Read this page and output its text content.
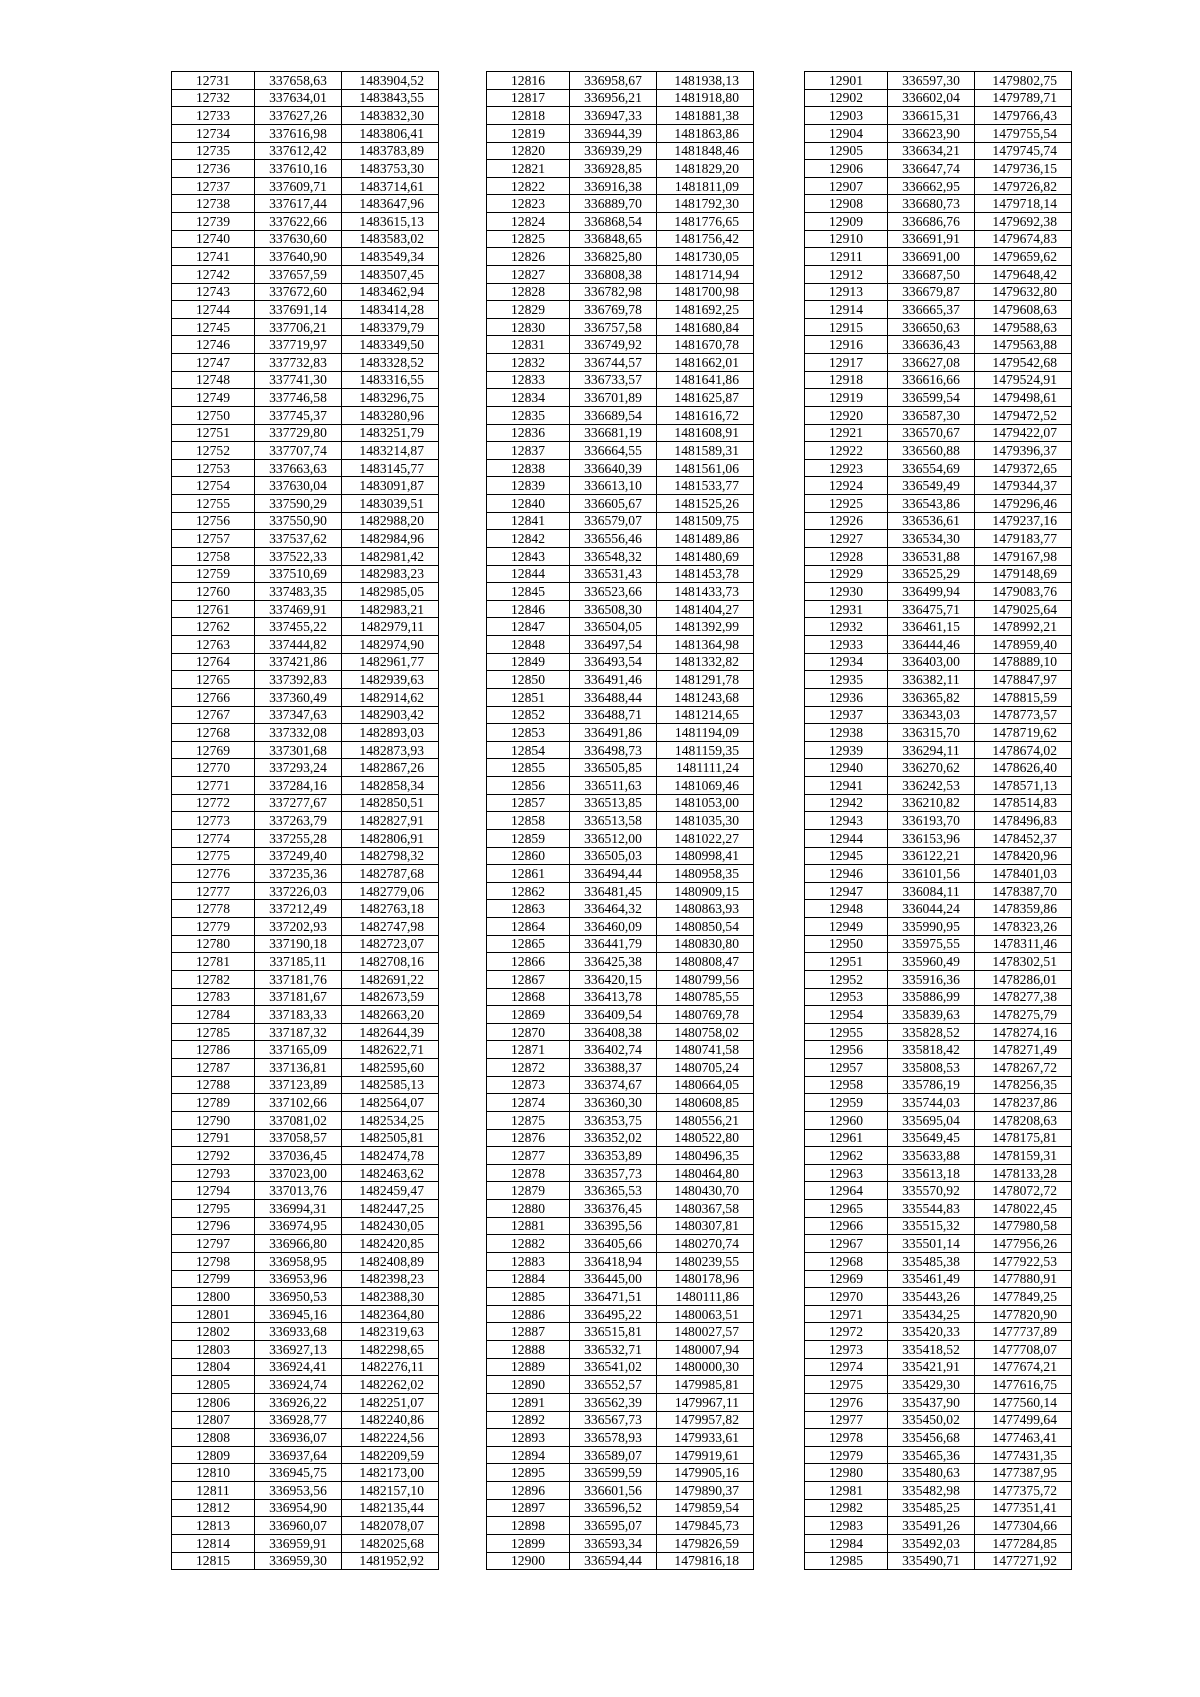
12731	337658,63	1483904,52
12732	337634,01	1483843,55
12733	337627,26	1483832,30
12734	337616,98	1483806,41
12735	337612,42	1483783,89
12736	337610,16	1483753,30
12737	337609,71	1483714,61
12738	337617,44	1483647,96
12739	337622,66	1483615,13
12740	337630,60	1483583,02
12741	337640,90	1483549,34
12742	337657,59	1483507,45
12743	337672,60	1483462,94
12744	337691,14	1483414,28
12745	337706,21	1483379,79
12746	337719,97	1483349,50
12747	337732,83	1483328,52
12748	337741,30	1483316,55
12749	337746,58	1483296,75
12750	337745,37	1483280,96
12751	337729,80	1483251,79
12752	337707,74	1483214,87
12753	337663,63	1483145,77
12754	337630,04	1483091,87
12755	337590,29	1483039,51
12756	337550,90	1482988,20
12757	337537,62	1482984,96
12758	337522,33	1482981,42
12759	337510,69	1482983,23
12760	337483,35	1482985,05
12761	337469,91	1482983,21
12762	337455,22	1482979,11
12763	337444,82	1482974,90
12764	337421,86	1482961,77
12765	337392,83	1482939,63
12766	337360,49	1482914,62
12767	337347,63	1482903,42
12768	337332,08	1482893,03
12769	337301,68	1482873,93
12770	337293,24	1482867,26
12771	337284,16	1482858,34
12772	337277,67	1482850,51
12773	337263,79	1482827,91
12774	337255,28	1482806,91
12775	337249,40	1482798,32
12776	337235,36	1482787,68
12777	337226,03	1482779,06
12778	337212,49	1482763,18
12779	337202,93	1482747,98
12780	337190,18	1482723,07
12781	337185,11	1482708,16
12782	337181,76	1482691,22
12783	337181,67	1482673,59
12784	337183,33	1482663,20
12785	337187,32	1482644,39
12786	337165,09	1482622,71
12787	337136,81	1482595,60
12788	337123,89	1482585,13
12789	337102,66	1482564,07
12790	337081,02	1482534,25
12791	337058,57	1482505,81
12792	337036,45	1482474,78
12793	337023,00	1482463,62
12794	337013,76	1482459,47
12795	336994,31	1482447,25
12796	336974,95	1482430,05
12797	336966,80	1482420,85
12798	336958,95	1482408,89
12799	336953,96	1482398,23
12800	336950,53	1482388,30
12801	336945,16	1482364,80
12802	336933,68	1482319,63
12803	336927,13	1482298,65
12804	336924,41	1482276,11
12805	336924,74	1482262,02
12806	336926,22	1482251,07
12807	336928,77	1482240,86
12808	336936,07	1482224,56
12809	336937,64	1482209,59
12810	336945,75	1482173,00
12811	336953,56	1482157,10
12812	336954,90	1482135,44
12813	336960,07	1482078,07
12814	336959,91	1482025,68
12815	336959,30	1481952,92
12816	336958,67	1481938,13
12817	336956,21	1481918,80
12818	336947,33	1481881,38
12819	336944,39	1481863,86
12820	336939,29	1481848,46
12821	336928,85	1481829,20
12822	336916,38	1481811,09
12823	336889,70	1481792,30
12824	336868,54	1481776,65
12825	336848,65	1481756,42
12826	336825,80	1481730,05
12827	336808,38	1481714,94
12828	336782,98	1481700,98
12829	336769,78	1481692,25
12830	336757,58	1481680,84
12831	336749,92	1481670,78
12832	336744,57	1481662,01
12833	336733,57	1481641,86
12834	336701,89	1481625,87
12835	336689,54	1481616,72
12836	336681,19	1481608,91
12837	336664,55	1481589,31
12838	336640,39	1481561,06
12839	336613,10	1481533,77
12840	336605,67	1481525,26
12841	336579,07	1481509,75
12842	336556,46	1481489,86
12843	336548,32	1481480,69
12844	336531,43	1481453,78
12845	336523,66	1481433,73
12846	336508,30	1481404,27
12847	336504,05	1481392,99
12848	336497,54	1481364,98
12849	336493,54	1481332,82
12850	336491,46	1481291,78
12851	336488,44	1481243,68
12852	336488,71	1481214,65
12853	336491,86	1481194,09
12854	336498,73	1481159,35
12855	336505,85	1481111,24
12856	336511,63	1481069,46
12857	336513,85	1481053,00
12858	336513,58	1481035,30
12859	336512,00	1481022,27
12860	336505,03	1480998,41
12861	336494,44	1480958,35
12862	336481,45	1480909,15
12863	336464,32	1480863,93
12864	336460,09	1480850,54
12865	336441,79	1480830,80
12866	336425,38	1480808,47
12867	336420,15	1480799,56
12868	336413,78	1480785,55
12869	336409,54	1480769,78
12870	336408,38	1480758,02
12871	336402,74	1480741,58
12872	336388,37	1480705,24
12873	336374,67	1480664,05
12874	336360,30	1480608,85
12875	336353,75	1480556,21
12876	336352,02	1480522,80
12877	336353,89	1480496,35
12878	336357,73	1480464,80
12879	336365,53	1480430,70
12880	336376,45	1480367,58
12881	336395,56	1480307,81
12882	336405,66	1480270,74
12883	336418,94	1480239,55
12884	336445,00	1480178,96
12885	336471,51	1480111,86
12886	336495,22	1480063,51
12887	336515,81	1480027,57
12888	336532,71	1480007,94
12889	336541,02	1480000,30
12890	336552,57	1479985,81
12891	336562,39	1479967,11
12892	336567,73	1479957,82
12893	336578,93	1479933,61
12894	336589,07	1479919,61
12895	336599,59	1479905,16
12896	336601,56	1479890,37
12897	336596,52	1479859,54
12898	336595,07	1479845,73
12899	336593,34	1479826,59
12900	336594,44	1479816,18
12901	336597,30	1479802,75
12902	336602,04	1479789,71
12903	336615,31	1479766,43
12904	336623,90	1479755,54
12905	336634,21	1479745,74
12906	336647,74	1479736,15
12907	336662,95	1479726,82
12908	336680,73	1479718,14
12909	336686,76	1479692,38
12910	336691,91	1479674,83
12911	336691,00	1479659,62
12912	336687,50	1479648,42
12913	336679,87	1479632,80
12914	336665,37	1479608,63
12915	336650,63	1479588,63
12916	336636,43	1479563,88
12917	336627,08	1479542,68
12918	336616,66	1479524,91
12919	336599,54	1479498,61
12920	336587,30	1479472,52
12921	336570,67	1479422,07
12922	336560,88	1479396,37
12923	336554,69	1479372,65
12924	336549,49	1479344,37
12925	336543,86	1479296,46
12926	336536,61	1479237,16
12927	336534,30	1479183,77
12928	336531,88	1479167,98
12929	336525,29	1479148,69
12930	336499,94	1479083,76
12931	336475,71	1479025,64
12932	336461,15	1478992,21
12933	336444,46	1478959,40
12934	336403,00	1478889,10
12935	336382,11	1478847,97
12936	336365,82	1478815,59
12937	336343,03	1478773,57
12938	336315,70	1478719,62
12939	336294,11	1478674,02
12940	336270,62	1478626,40
12941	336242,53	1478571,13
12942	336210,82	1478514,83
12943	336193,70	1478496,83
12944	336153,96	1478452,37
12945	336122,21	1478420,96
12946	336101,56	1478401,03
12947	336084,11	1478387,70
12948	336044,24	1478359,86
12949	335990,95	1478323,26
12950	335975,55	1478311,46
12951	335960,49	1478302,51
12952	335916,36	1478286,01
12953	335886,99	1478277,38
12954	335839,63	1478275,79
12955	335828,52	1478274,16
12956	335818,42	1478271,49
12957	335808,53	1478267,72
12958	335786,19	1478256,35
12959	335744,03	1478237,86
12960	335695,04	1478208,63
12961	335649,45	1478175,81
12962	335633,88	1478159,31
12963	335613,18	1478133,28
12964	335570,92	1478072,72
12965	335544,83	1478022,45
12966	335515,32	1477980,58
12967	335501,14	1477956,26
12968	335485,38	1477922,53
12969	335461,49	1477880,91
12970	335443,26	1477849,25
12971	335434,25	1477820,90
12972	335420,33	1477737,89
12973	335418,52	1477708,07
12974	335421,91	1477674,21
12975	335429,30	1477616,75
12976	335437,90	1477560,14
12977	335450,02	1477499,64
12978	335456,68	1477463,41
12979	335465,36	1477431,35
12980	335480,63	1477387,95
12981	335482,98	1477375,72
12982	335485,25	1477351,41
12983	335491,26	1477304,66
12984	335492,03	1477284,85
12985	335490,71	1477271,92
